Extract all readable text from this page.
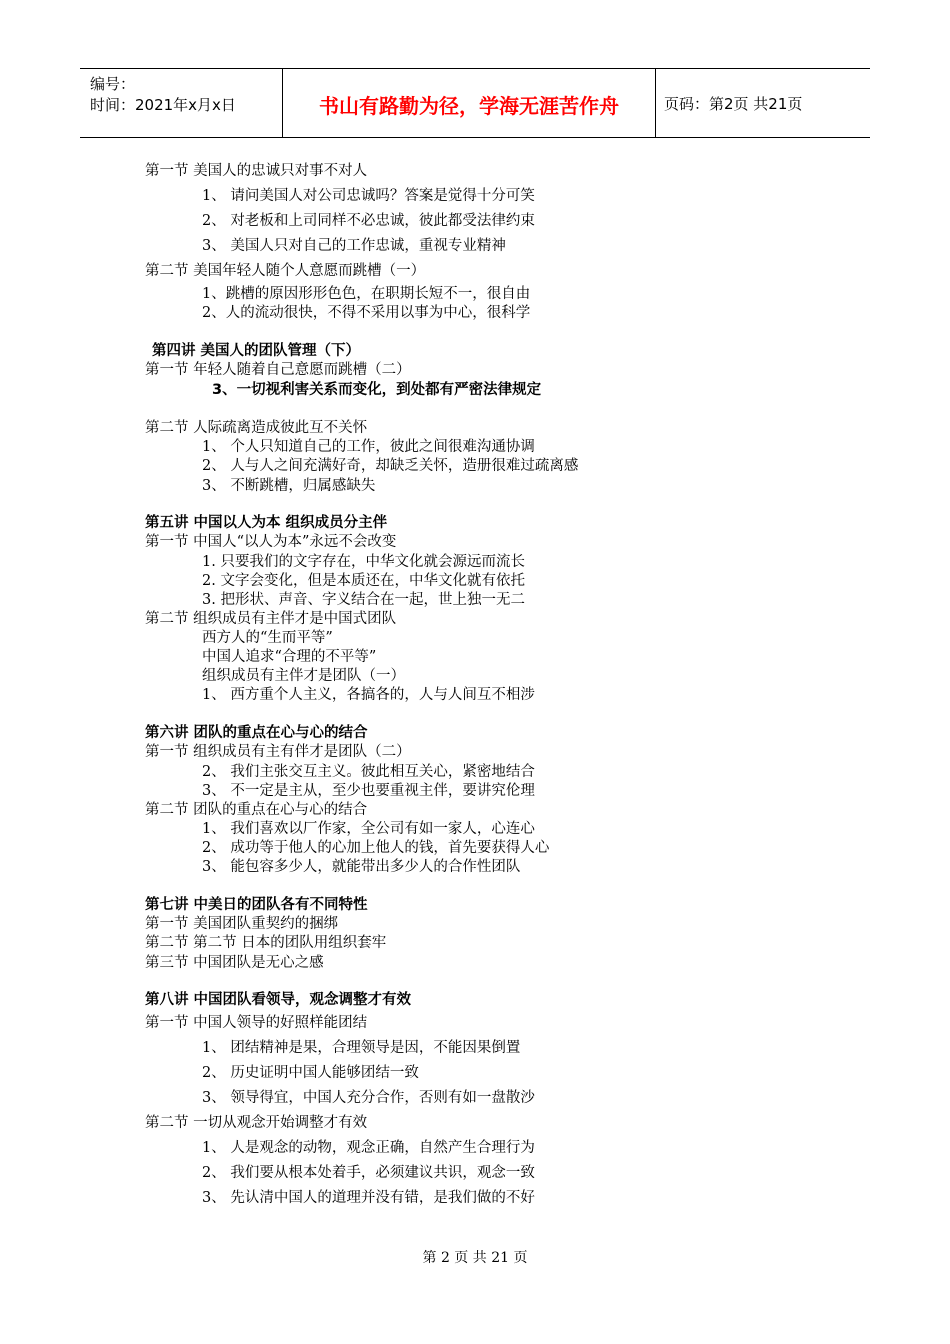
编号：
时间：2021年x月x日	书山有路勤为径，学海无涯苦作舟	页码：第2页 共21页
第一节 美国人的忠诚只对事不对人
1、 请问美国人对公司忠诚吗？答案是觉得十分可笑
2、 对老板和上司同样不必忠诚，彼此都受法律约束
3、 美国人只对自己的工作忠诚，重视专业精神
第二节 美国年轻人随个人意愿而跳槽（一）
1、跳槽的原因形形色色，在职期长短不一，很自由
2、人的流动很快，不得不采用以事为中心，很科学
第四讲 美国人的团队管理（下）
第一节 年轻人随着自己意愿而跳槽（二）
3、一切视利害关系而变化，到处都有严密法律规定
第二节 人际疏离造成彼此互不关怀
1、 个人只知道自己的工作，彼此之间很难沟通协调
2、 人与人之间充满好奇，却缺乏关怀，造册很难过疏离感
3、 不断跳槽，归属感缺失
第五讲 中国以人为本 组织成员分主伴
第一节 中国人“以人为本”永远不会改变
1. 只要我们的文字存在，中华文化就会源远而流长
2. 文字会变化，但是本质还在，中华文化就有依托
3. 把形状、声音、字义结合在一起，世上独一无二
第二节 组织成员有主伴才是中国式团队
西方人的“生而平等”
中国人追求“合理的不平等”
组织成员有主伴才是团队（一）
1、 西方重个人主义，各搞各的，人与人间互不相涉
第六讲 团队的重点在心与心的结合
第一节 组织成员有主有伴才是团队（二）
2、 我们主张交互主义。彼此相互关心，紧密地结合
3、 不一定是主从，至少也要重视主伴，要讲究伦理
第二节 团队的重点在心与心的结合
1、 我们喜欢以厂作家，全公司有如一家人，心连心
2、 成功等于他人的心加上他人的钱，首先要获得人心
3、 能包容多少人，就能带出多少人的合作性团队
第七讲 中美日的团队各有不同特性
第一节 美国团队重契约的捆绑
第二节 第二节 日本的团队用组织套牢
第三节 中国团队是无心之感
第八讲 中国团队看领导，观念调整才有效
第一节 中国人领导的好照样能团结
1、 团结精神是果，合理领导是因，不能因果倒置
2、 历史证明中国人能够团结一致
3、 领导得宜，中国人充分合作，否则有如一盘散沙
第二节 一切从观念开始调整才有效
1、 人是观念的动物，观念正确，自然产生合理行为
2、 我们要从根本处着手，必须建议共识，观念一致
3、 先认清中国人的道理并没有错，是我们做的不好
第 2 页 共 21 页
